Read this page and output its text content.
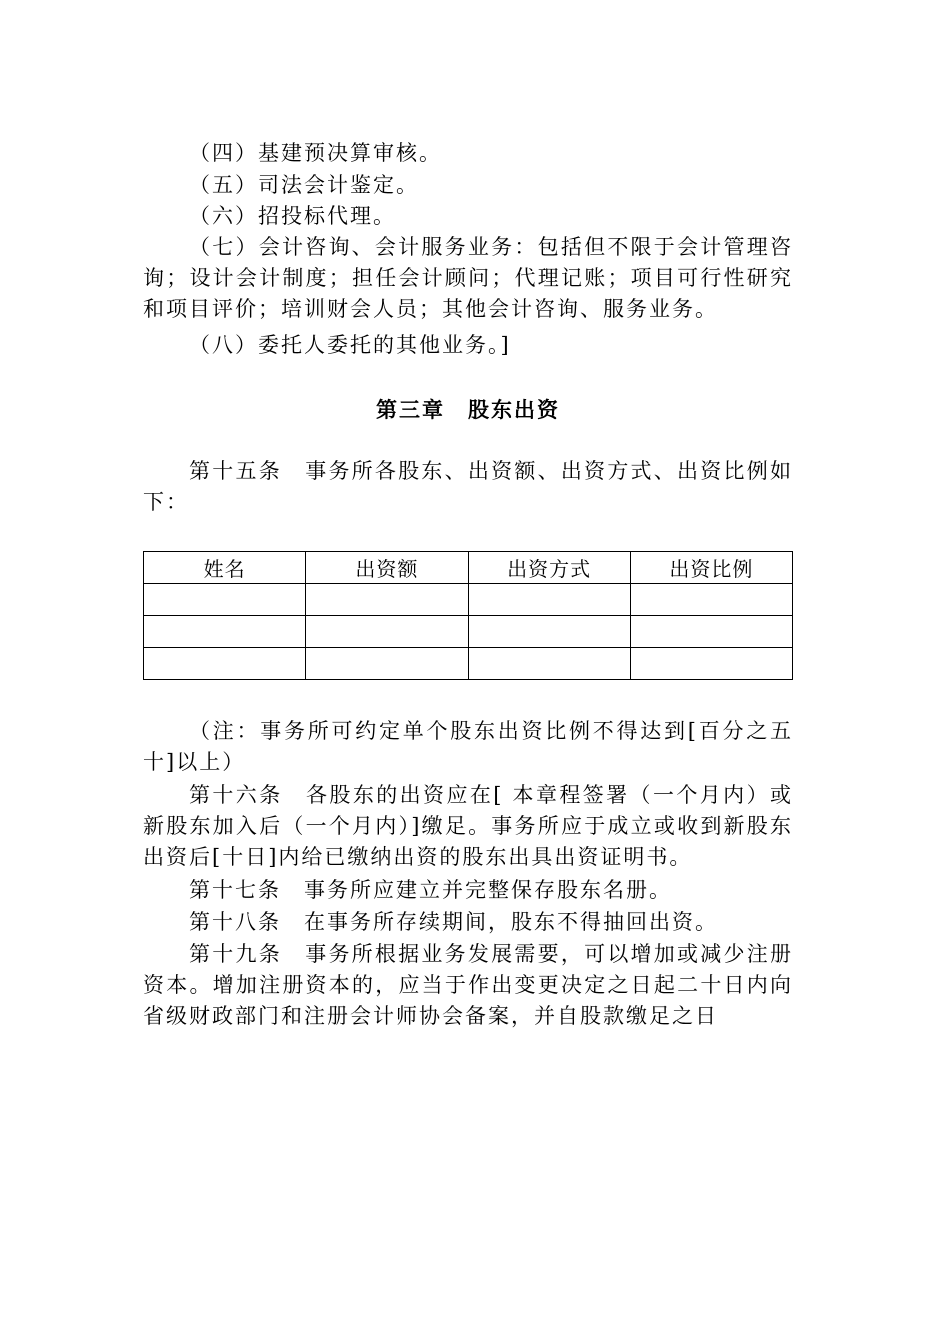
（四）基建预决算审核。

（五）司法会计鉴定。

（六）招投标代理。

（七）会计咨询、会计服务业务：包括但不限于会计管理咨询；设计会计制度；担任会计顾问；代理记账；项目可行性研究和项目评价；培训财会人员；其他会计咨询、服务业务。

（八）委托人委托的其他业务。]

第三章　股东出资

第十五条　事务所各股东、出资额、出资方式、出资比例如下：

姓名	出资额	出资方式	出资比例

（注：事务所可约定单个股东出资比例不得达到[百分之五十]以上）

第十六条　各股东的出资应在[ 本章程签署（一个月内）或新股东加入后（一个月内）]缴足。事务所应于成立或收到新股东出资后[十日]内给已缴纳出资的股东出具出资证明书。

第十七条　事务所应建立并完整保存股东名册。

第十八条　在事务所存续期间，股东不得抽回出资。

第十九条　事务所根据业务发展需要，可以增加或减少注册资本。增加注册资本的，应当于作出变更决定之日起二十日内向省级财政部门和注册会计师协会备案，并自股款缴足之日
